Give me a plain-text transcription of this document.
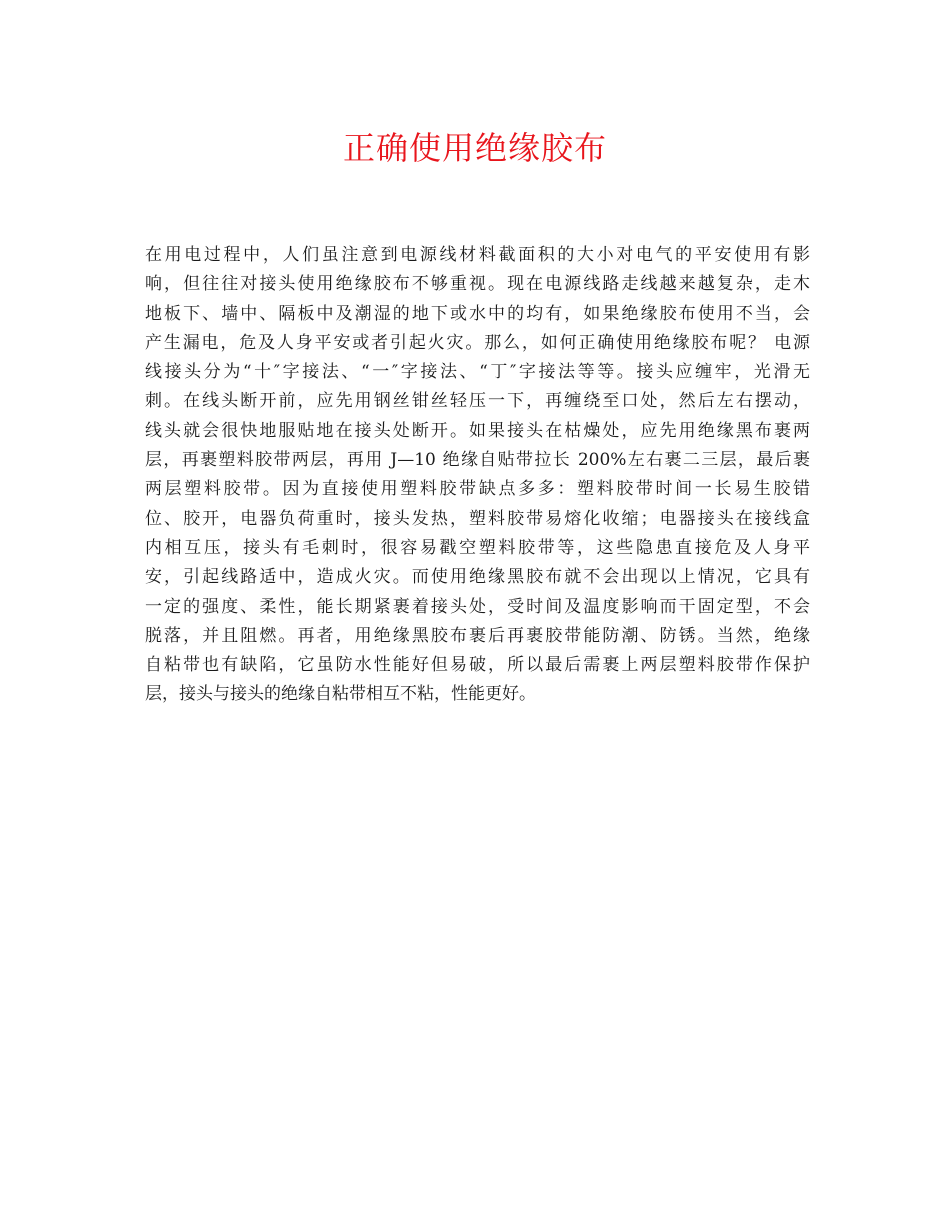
正确使用绝缘胶布
在用电过程中，人们虽注意到电源线材料截面积的大小对电气的平安使用有影
响，但往往对接头使用绝缘胶布不够重视。现在电源线路走线越来越复杂，走木
地板下、墙中、隔板中及潮湿的地下或水中的均有，如果绝缘胶布使用不当，会
产生漏电，危及人身平安或者引起火灾。那么，如何正确使用绝缘胶布呢？ 电源
线接头分为“十″字接法、“一″字接法、“丁″字接法等等。接头应缠牢，光滑无
刺。在线头断开前，应先用钢丝钳丝轻压一下，再缠绕至口处，然后左右摆动，
线头就会很快地服贴地在接头处断开。如果接头在枯燥处，应先用绝缘黑布裹两
层，再裹塑料胶带两层，再用 J—10 绝缘自贴带拉长 200%左右裹二三层，最后裹
两层塑料胶带。因为直接使用塑料胶带缺点多多：塑料胶带时间一长易生胶错
位、胶开，电器负荷重时，接头发热，塑料胶带易熔化收缩；电器接头在接线盒
内相互压，接头有毛刺时，很容易戳空塑料胶带等，这些隐患直接危及人身平
安，引起线路适中，造成火灾。而使用绝缘黑胶布就不会出现以上情况，它具有
一定的强度、柔性，能长期紧裹着接头处，受时间及温度影响而干固定型，不会
脱落，并且阻燃。再者，用绝缘黑胶布裹后再裹胶带能防潮、防锈。当然，绝缘
自粘带也有缺陷，它虽防水性能好但易破，所以最后需裹上两层塑料胶带作保护
层，接头与接头的绝缘自粘带相互不粘，性能更好。
